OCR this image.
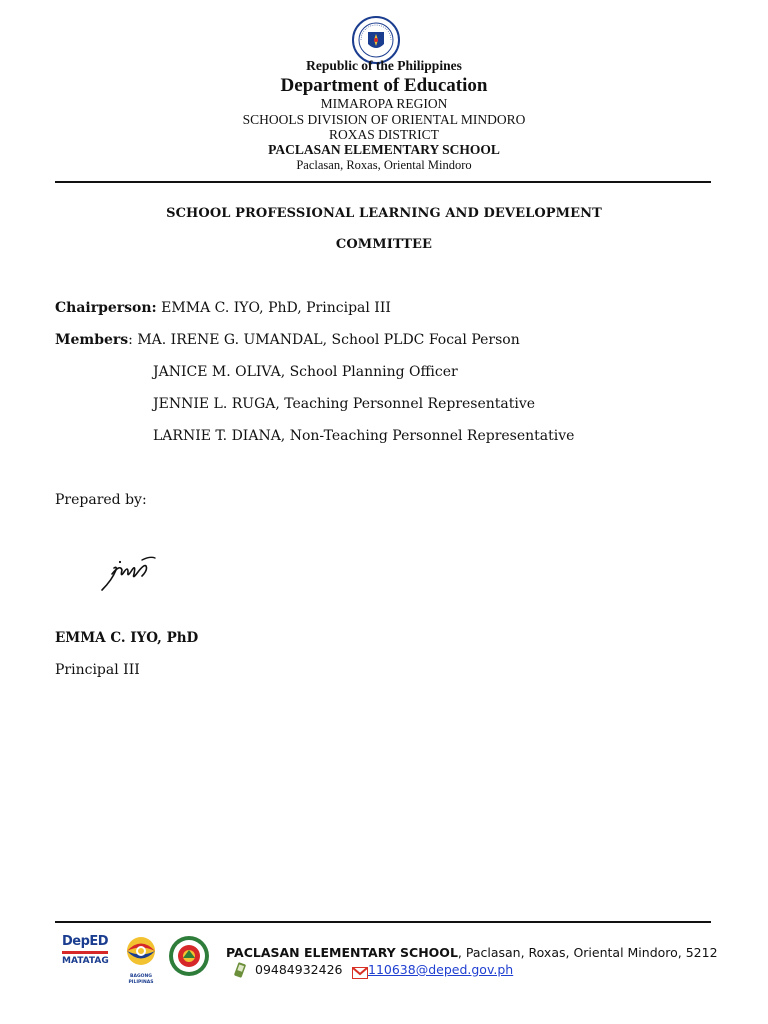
Republic of the Philippines
Department of Education
MIMAROPA REGION
SCHOOLS DIVISION OF ORIENTAL MINDORO
ROXAS DISTRICT
PACLASAN ELEMENTARY SCHOOL
Paclasan, Roxas, Oriental Mindoro
SCHOOL PROFESSIONAL LEARNING AND DEVELOPMENT
COMMITTEE
Chairperson: EMMA C. IYO, PhD, Principal III
Members: MA. IRENE G. UMANDAL, School PLDC Focal Person
JANICE M. OLIVA, School Planning Officer
JENNIE L. RUGA, Teaching Personnel Representative
LARNIE T. DIANA, Non-Teaching Personnel Representative
Prepared by:
EMMA C. IYO, PhD
Principal III
DepED
MATATAG
BAGONG PILIPINAS
PACLASAN ELEMENTARY SCHOOL, Paclasan, Roxas, Oriental Mindoro, 5212
09484932426 110638@deped.gov.ph
